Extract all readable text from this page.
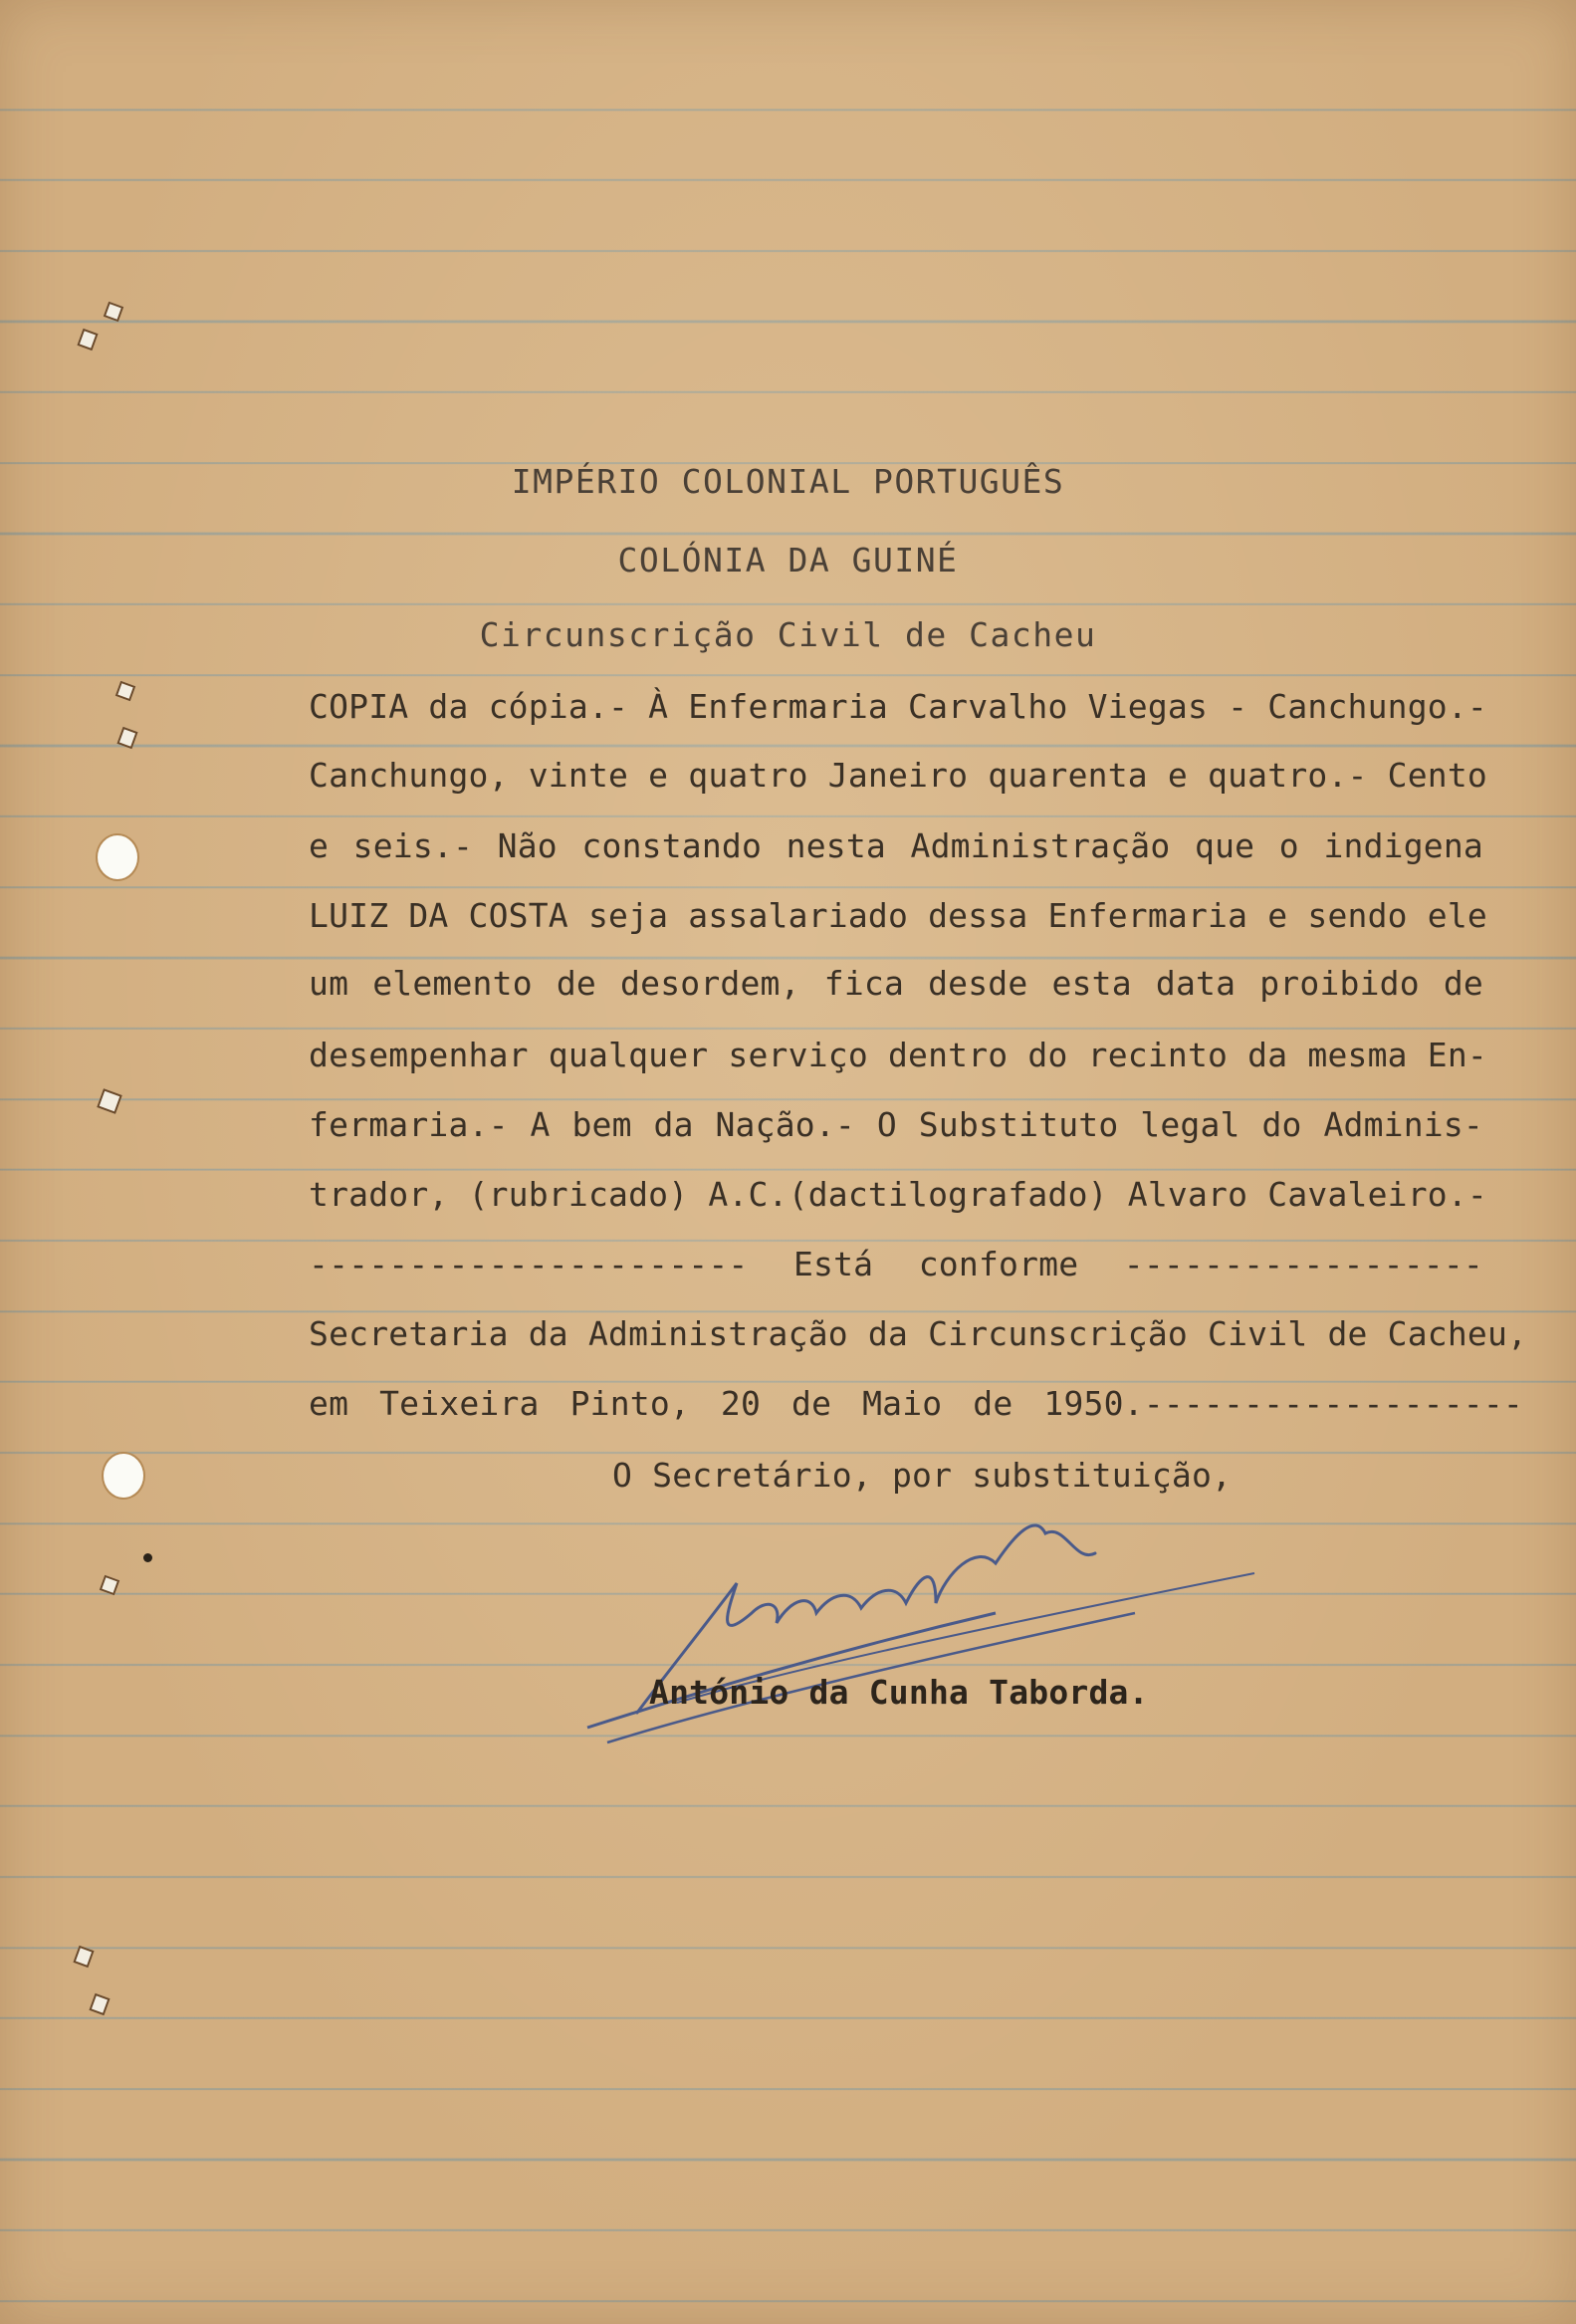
IMPÉRIO COLONIAL PORTUGUÊS
COLÓNIA DA GUINÉ
Circunscrição Civil de Cacheu
COPIA da cópia.- À Enfermaria Carvalho Viegas - Canchungo.-
Canchungo, vinte e quatro Janeiro quarenta e quatro.- Cento
e seis.- Não constando nesta Administração que o indigena
LUIZ DA COSTA seja assalariado dessa Enfermaria e sendo ele
um elemento de desordem, fica desde esta data proibido de
desempenhar qualquer serviço dentro do recinto da mesma En-
fermaria.- A bem da Nação.- O Substituto legal do Adminis-
trador, (rubricado) A.C.(dactilografado) Alvaro Cavaleiro.-
---------------------- Está conforme ------------------
Secretaria da Administração da Circunscrição Civil de Cacheu,
em Teixeira Pinto, 20 de Maio de 1950.-------------------
O Secretário, por substituição,
António da Cunha Taborda.
